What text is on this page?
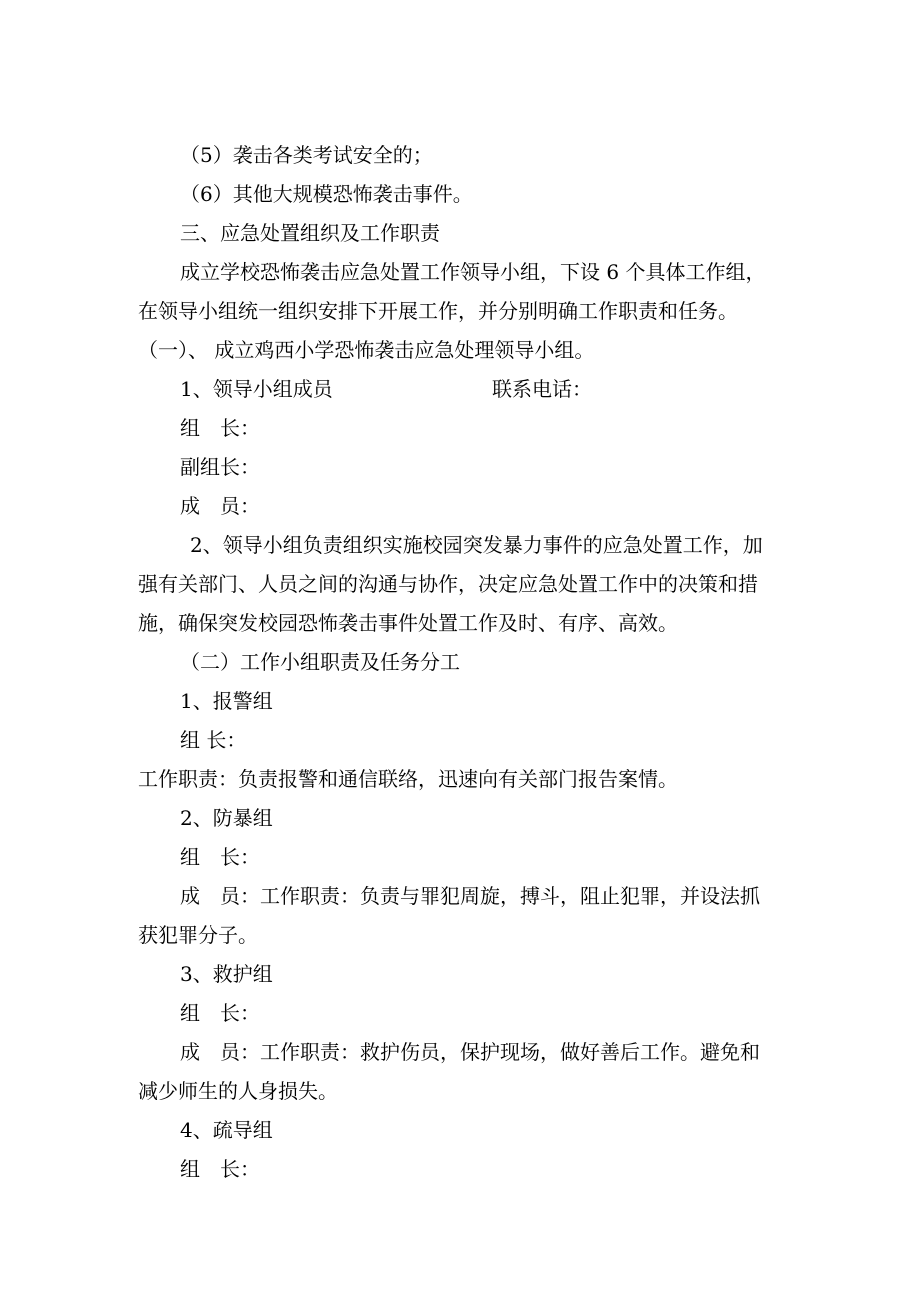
（5）袭击各类考试安全的；
（6）其他大规模恐怖袭击事件。
三、应急处置组织及工作职责
成立学校恐怖袭击应急处置工作领导小组，下设 6 个具体工作组，
在领导小组统一组织安排下开展工作，并分别明确工作职责和任务。
（一）、 成立鸡西小学恐怖袭击应急处理领导小组。
1、领导小组成员	联系电话：
组　长：
副组长：
成　员：
2、领导小组负责组织实施校园突发暴力事件的应急处置工作，加
强有关部门、人员之间的沟通与协作，决定应急处置工作中的决策和措
施，确保突发校园恐怖袭击事件处置工作及时、有序、高效。
（二）工作小组职责及任务分工
1、报警组
组 长：
工作职责：负责报警和通信联络，迅速向有关部门报告案情。
2、防暴组
组　长：
成　员：工作职责：负责与罪犯周旋，搏斗，阻止犯罪，并设法抓
获犯罪分子。
3、救护组
组　长：
成　员：工作职责：救护伤员，保护现场，做好善后工作。避免和
减少师生的人身损失。
4、疏导组
组　长：
